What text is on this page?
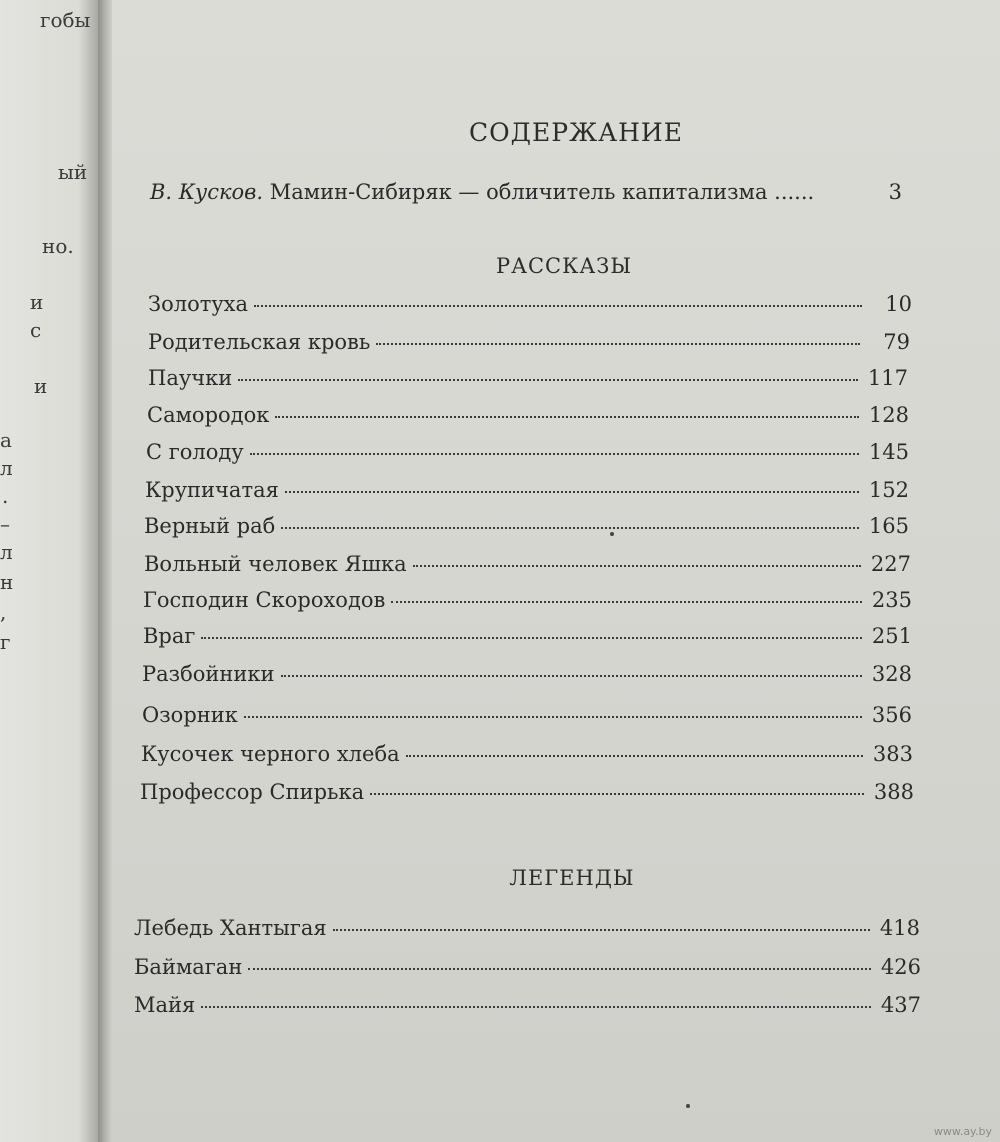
гобы
ый
но.
и
с
и
а
л
.
–
л
н
,
г
СОДЕРЖАНИЕ
В. Кусков. Мамин-Сибиряк — обличитель капитализма ......	3
РАССКАЗЫ
Золотуха	10
Родительская кровь	79
Паучки	117
Самородок	128
С голоду	145
Крупичатая	152
Верный раб	165
Вольный человек Яшка	227
Господин Скороходов	235
Враг	251
Разбойники	328
Озорник	356
Кусочек черного хлеба	383
Профессор Спирька	388
ЛЕГЕНДЫ
Лебедь Хантыгая	418
Баймаган	426
Майя	437
www.ay.by
